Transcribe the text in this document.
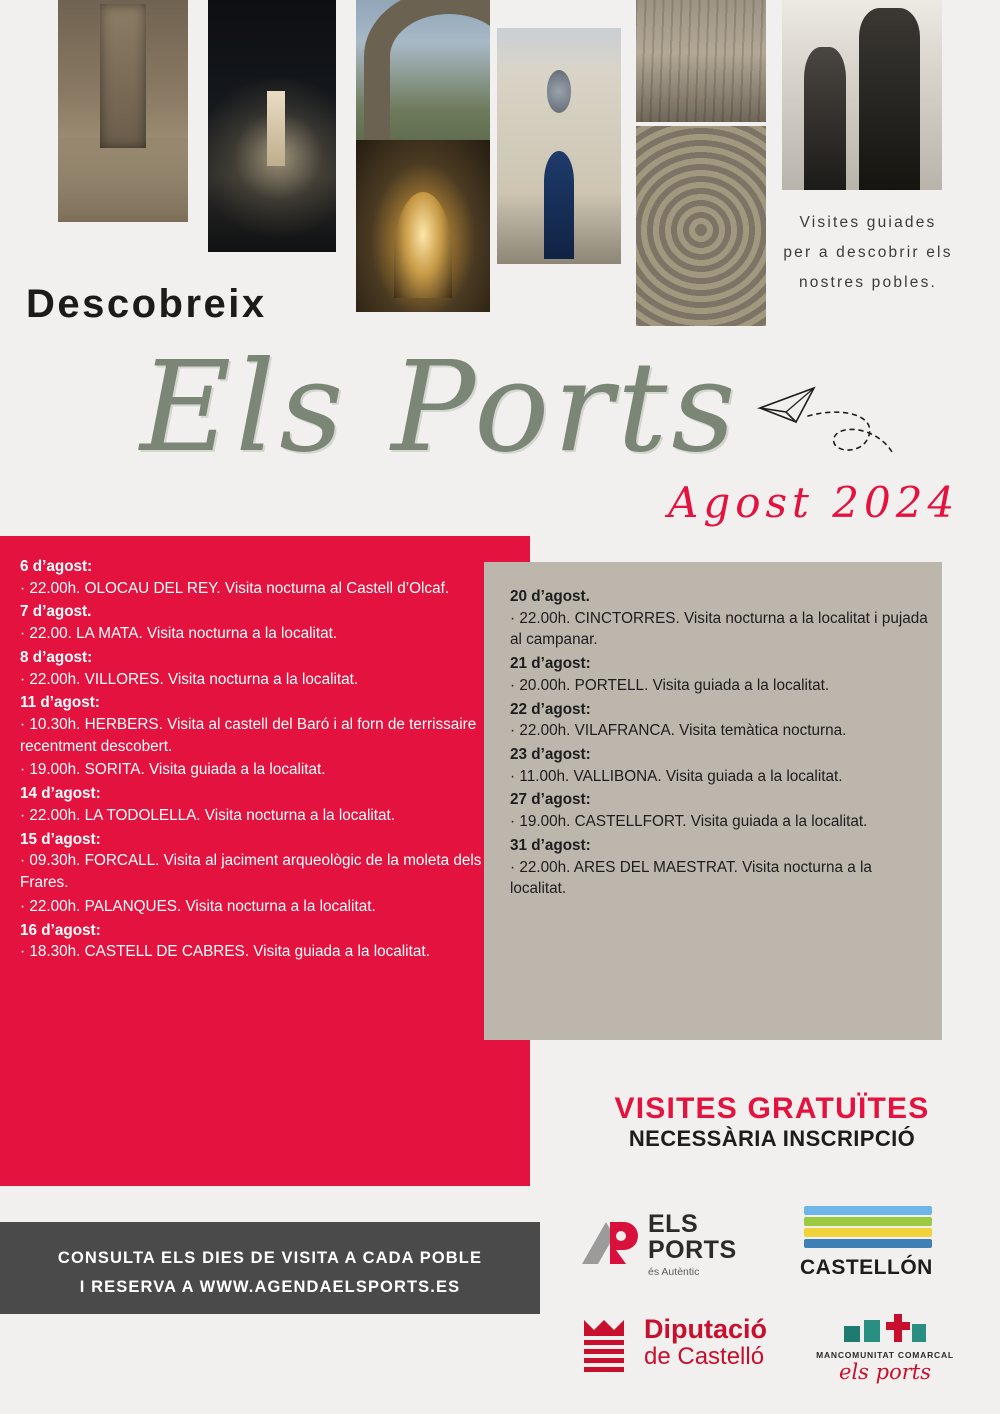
Visites guiades per a descobrir els nostres pobles.
Descobreix
Els Ports
Agost 2024
6 d’agost:
· 22.00h. OLOCAU DEL REY. Visita nocturna al Castell d’Olcaf.
7 d’agost.
· 22.00. LA MATA. Visita nocturna a la localitat.
8 d’agost:
· 22.00h. VILLORES. Visita nocturna a la localitat.
11 d’agost:
· 10.30h. HERBERS. Visita al castell del Baró i al forn de terrissaire recentment descobert.
· 19.00h. SORITA. Visita guiada a la localitat.
14 d’agost:
· 22.00h. LA TODOLELLA. Visita nocturna a la localitat.
15 d’agost:
· 09.30h. FORCALL. Visita al jaciment arqueològic de la moleta dels Frares.
· 22.00h. PALANQUES. Visita nocturna a la localitat.
16 d’agost:
· 18.30h. CASTELL DE CABRES. Visita guiada a la localitat.
20 d’agost.
· 22.00h. CINCTORRES. Visita nocturna a la localitat i pujada al campanar.
21 d’agost:
· 20.00h. PORTELL. Visita guiada a la localitat.
22 d’agost:
· 22.00h. VILAFRANCA. Visita temàtica nocturna.
23 d’agost:
· 11.00h. VALLIBONA. Visita guiada a la localitat.
27 d’agost:
· 19.00h. CASTELLFORT. Visita guiada a la localitat.
31 d’agost:
· 22.00h. ARES DEL MAESTRAT. Visita nocturna a la localitat.
VISITES GRATUÏTES
NECESSÀRIA INSCRIPCIÓ
CONSULTA ELS DIES DE VISITA A CADA POBLE
I RESERVA A WWW.AGENDAELSPORTS.ES
ELS PORTS
és Autèntic	CASTELLÓN
Diputació
de Castelló	MANCOMUNITAT COMARCAL
els ports
